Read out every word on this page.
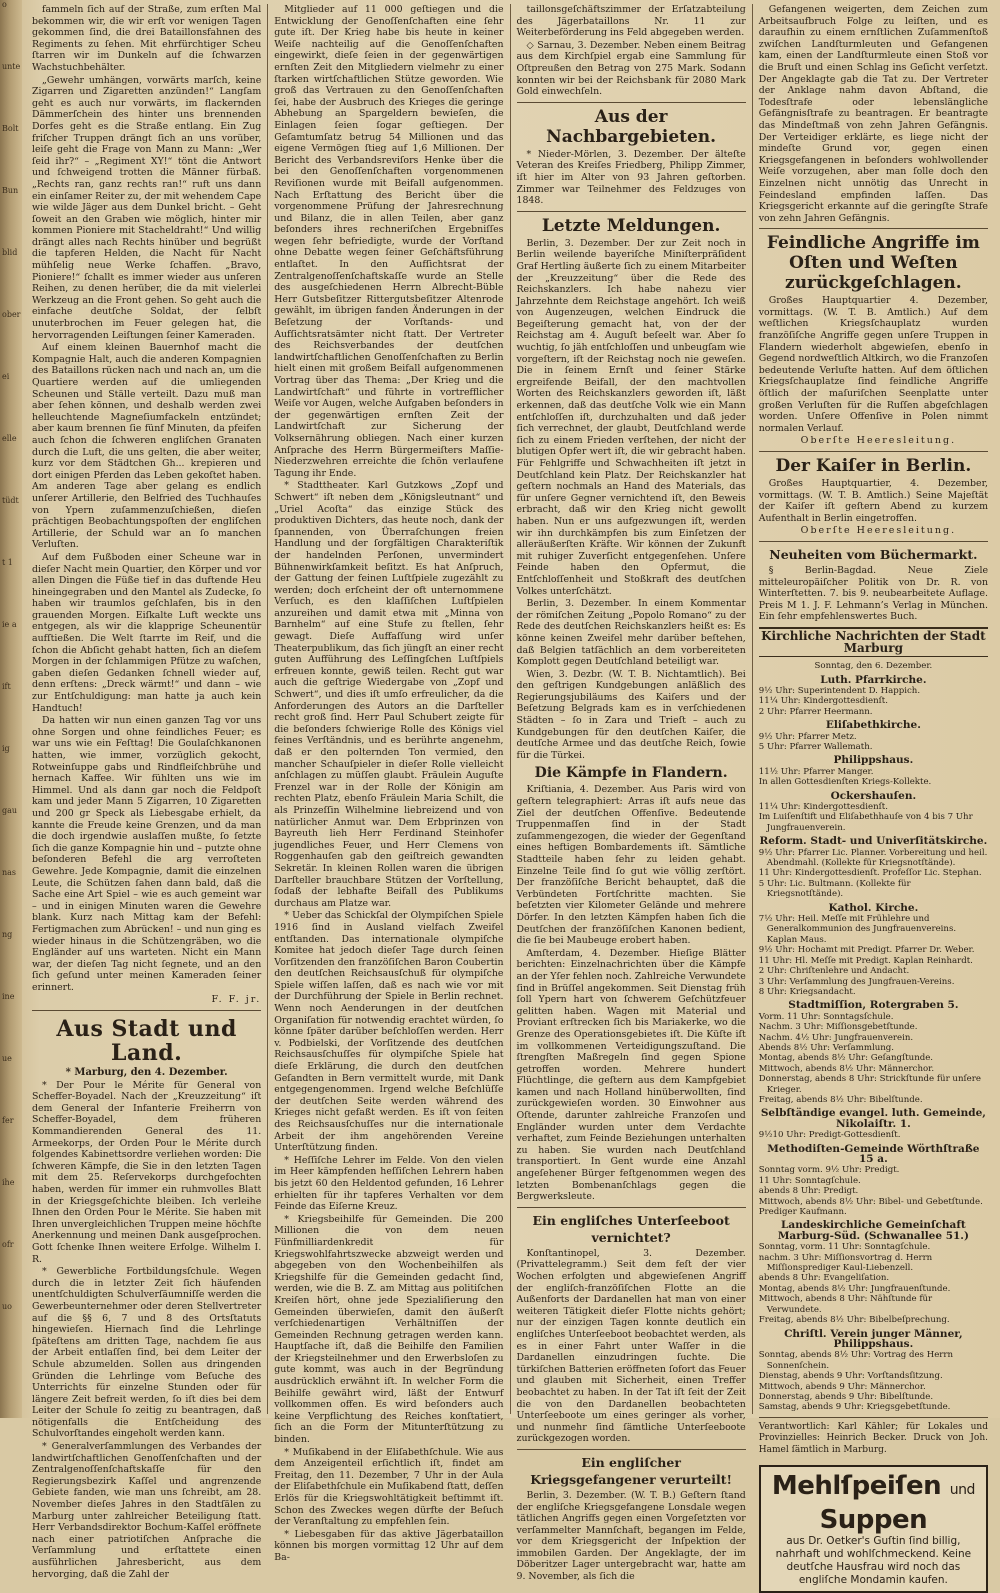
o
unte
Bolt
Bun
blid
ober
ei
elle
tüdt
t 1
ie a
ift
ig
gau
nas
ng
ine
ue
fer
ihe
ofr
uo

fammeln ſich auf der Straße, zum erſten Mal bekommen wir, die wir erſt vor wenigen Tagen gekommen ſind, die drei Bataillonsfahnen des Regiments zu ſehen. Mit ehrfürchtiger Scheu ſtarren wir im Dunkeln auf die ſchwarzen Wachstuchbehälter.

„Gewehr umhängen, vorwärts marſch, keine Zigarren und Zigaretten anzünden!“ Langſam geht es auch nur vorwärts, im flackernden Dämmerſchein des hinter uns brennenden Dorfes geht es die Straße entlang. Ein Zug friſcher Truppen drängt ſich an uns vorüber, leiſe geht die Frage von Mann zu Mann: „Wer ſeid ihr?“ – „Regiment XY!“ tönt die Antwort und ſchweigend trotten die Männer fürbaß. „Rechts ran, ganz rechts ran!“ ruft uns dann ein einſamer Reiter zu, der mit wehendem Cape wie wilde Jäger aus dem Dunkel bricht. – Geht ſoweit an den Graben wie möglich, hinter mir kommen Pioniere mit Stacheldraht!“ Und willig drängt alles nach Rechts hinüber und begrüßt die tapferen Helden, die Nacht für Nacht mühſelig neue Werke ſchaffen. „Bravo, Pioniere!“ ſchallt es immer wieder aus unſeren Reihen, zu denen herüber, die da mit vielerlei Werkzeug an die Front gehen. So geht auch die einfache deutſche Soldat, der ſelbſt unuterbrochen im Feuer gelegen hat, die hervorragenden Leiſtungen ſeiner Kameraden.

Auf einem kleinen Bauernhof macht die Kompagnie Halt, auch die anderen Kompagnien des Bataillons rücken nach und nach an, um die Quartiere werden auf die umliegenden Scheunen und Ställe verteilt. Dazu muß man aber ſehen können, und deshalb werden zwei helleuchtende Magneſiumfackeln entzündet; aber kaum brennen ſie fünf Minuten, da pfeifen auch ſchon die ſchweren engliſchen Granaten durch die Luft, die uns gelten, die aber weiter, kurz vor dem Städtchen Gh... krepieren und dort einigen Pferden das Leben gekoſtet haben. Am anderen Tage aber gelang es endlich unſerer Artillerie, den Belfried des Tuchhauſes von Ypern zuſammenzuſchießen, dieſen prächtigen Beobachtungspoſten der engliſchen Artillerie, der Schuld war an ſo manchen Verluſten.

Auf dem Fußboden einer Scheune war in dieſer Nacht mein Quartier, den Körper und vor allen Dingen die Füße tief in das duftende Heu hineingegraben und den Mantel als Zudecke, ſo haben wir traumlos geſchlafen, bis in den grauenden Morgen. Eiſkalte Luft weckte uns entgegen, als wir die klapprige Scheunentür aufſtießen. Die Welt ſtarrte im Reif, und die ſchon die Abſicht gehabt hatten, ſich an dieſem Morgen in der ſchlammigen Pfütze zu waſchen, gaben dieſen Gedanken ſchnell wieder auf, denn erſtens: „Dreck wärmt!“ und dann – wie zur Entſchuldigung: man hatte ja auch kein Handtuch!

Da hatten wir nun einen ganzen Tag vor uns ohne Sorgen und ohne feindliches Feuer; es war uns wie ein Feſttag! Die Goulaſchkanonen hatten, wie immer, vorzüglich gekocht, Rotweinſuppe gabs und Rindfleiſchbrühe und hernach Kaffee. Wir fühlten uns wie im Himmel. Und als dann gar noch die Feldpoſt kam und jeder Mann 5 Zigarren, 10 Zigaretten und 200 gr Speck als Liebesgabe erhielt, da kannte die Freude keine Grenzen, und da man die doch irgendwie auslaſſen mußte, ſo ſetzte ſich die ganze Kompagnie hin und – putzte ohne beſonderen Befehl die arg verroſteten Gewehre. Jede Kompagnie, damit die einzelnen Leute, die Schützen ſahen dann bald, daß die Sache eine Art Spiel – wie es auch gemeint war – und in einigen Minuten waren die Gewehre blank. Kurz nach Mittag kam der Befehl: Fertigmachen zum Abrücken! – und nun ging es wieder hinaus in die Schützengräben, wo die Engländer auf uns warteten. Nicht ein Mann war, der dieſen Tag nicht ſegnete, und an den ſich geſund unter meinen Kameraden ſeiner erinnert.

F. F. jr.

Aus Stadt und Land.

* Marburg, den 4. Dezember.

* Der Pour le Mérite für General von Scheffer-Boyadel. Nach der „Kreuzzeitung“ iſt dem General der Infanterie Freiherrn von Scheffer-Boyadel, dem früheren Kommandierenden General des 11. Armeekorps, der Orden Pour le Mérite durch folgendes Kabinettsordre verliehen worden: Die ſchweren Kämpfe, die Sie in den letzten Tagen mit dem 25. Reſervekorps durchgefochten haben, werden für immer ein ruhmvolles Blatt in der Kriegsgeſchichte bleiben. Ich verleihe Ihnen den Orden Pour le Mérite. Sie haben mit Ihren unvergleichlichen Truppen meine höchſte Anerkennung und meinen Dank ausgeſprochen. Gott ſchenke Ihnen weitere Erfolge. Wilhelm I. R.

* Gewerbliche Fortbildungsſchule. Wegen durch die in letzter Zeit ſich häufenden unentſchuldigten Schulverſäumniſſe werden die Gewerbeunternehmer oder deren Stellvertreter auf die §§ 6, 7 und 8 des Ortsſtatuts hingewieſen. Hiernach ſind die Lehrlinge ſpäteſtens am dritten Tage, nachdem ſie aus der Arbeit entlaſſen ſind, bei dem Leiter der Schule abzumelden. Sollen aus dringenden Gründen die Lehrlinge vom Beſuche des Unterrichts für einzelne Stunden oder für längere Zeit befreit werden, ſo iſt dies bei dem Leiter der Schule ſo zeitig zu beantragen, daß nötigenfalls die Entſcheidung des Schulvorſtandes eingeholt werden kann.

* Generalverſammlungen des Verbandes der landwirtſchaftlichen Genoſſenſchaften und der Zentralgenoſſenſchaftskaſſe für den Regierungsbezirk Kaſſel und angrenzende Gebiete fanden, wie man uns ſchreibt, am 28. November dieſes Jahres in den Stadtſälen zu Marburg unter zahlreicher Beteiligung ſtatt. Herr Verbandsdirektor Bochum-Kaſſel eröffnete nach einer patriotiſchen Anſprache die Verſammlung und erſtattete einen ausführlichen Jahresbericht, aus dem hervorging, daß die Zahl der

Mitglieder auf 11 000 geſtiegen und die Entwicklung der Genoſſenſchaften eine ſehr gute iſt. Der Krieg habe bis heute in keiner Weiſe nachteilig auf die Genoſſenſchaften eingewirkt, dieſe ſeien in der gegenwärtigen ernſten Zeit den Mitgliedern vielmehr zu einer ſtarken wirtſchaftlichen Stütze geworden. Wie groß das Vertrauen zu den Genoſſenſchaften ſei, habe der Ausbruch des Krieges die geringe Abhebung an Spargeldern bewieſen, die Einlagen ſeien ſogar geſtiegen. Der Geſamtumſatz betrug 54 Millionen und das eigene Vermögen ſtieg auf 1,6 Millionen. Der Bericht des Verbandsreviſors Henke über die bei den Genoſſenſchaften vorgenommenen Reviſionen wurde mit Beifall aufgenommen. Nach Erſtattung des Bericht über die vorgenommene Prüfung der Jahresrechnung und Bilanz, die in allen Teilen, aber ganz beſonders ihres rechneriſchen Ergebniſſes wegen ſehr befriedigte, wurde der Vorſtand ohne Debatte wegen ſeiner Geſchäftsführung entlaſtet. In den Aufſichtsrat der Zentralgenoſſenſchaftskaſſe wurde an Stelle des ausgeſchiedenen Herrn Albrecht-Büble Herr Gutsbeſitzer Rittergutsbeſitzer Altenrode gewählt, im übrigen fanden Änderungen in der Beſetzung der Vorſtands- und Aufſichtsratsämter nicht ſtatt. Der Vertreter des Reichsverbandes der deutſchen landwirtſchaftlichen Genoſſenſchaften zu Berlin hielt einen mit großem Beifall aufgenommenen Vortrag über das Thema: „Der Krieg und die Landwirtſchaft“ und führte in vortrefflicher Weiſe vor Augen, welche Aufgaben beſonders in der gegenwärtigen ernſten Zeit der Landwirtſchaft zur Sicherung der Volksernährung obliegen. Nach einer kurzen Anſprache des Herrn Bürgermeiſters Maſſie-Niederzwehren erreichte die ſchön verlaufene Tagung ihr Ende.

* Stadttheater. Karl Gutzkows „Zopf und Schwert“ iſt neben dem „Königsleutnant“ und „Uriel Acoſta“ das einzige Stück des produktiven Dichters, das heute noch, dank der ſpannenden, von Überraſchungen freien Handlung und der ſorgfältigen Charakteriſtik der handelnden Perſonen, unvermindert Bühnenwirkſamkeit beſitzt. Es hat Anſpruch, der Gattung der feinen Luſtſpiele zugezählt zu werden; doch erſcheint der oft unternommene Verſuch, es den klaſſiſchen Luſtſpielen anzureihen und damit etwa mit „Minna von Barnhelm“ auf eine Stufe zu ſtellen, ſehr gewagt. Dieſe Auffaſſung wird unſer Theaterpublikum, das ſich jüngſt an einer recht guten Aufführung des Leſſingſchen Luſtſpiels erfreuen konnte, gewiß teilen. Recht gut war auch die geſtrige Wiedergabe von „Zopf und Schwert“, und dies iſt umſo erfreulicher, da die Anforderungen des Autors an die Darſteller recht groß ſind. Herr Paul Schubert zeigte für die beſonders ſchwierige Rolle des Königs viel feines Verſtändnis, und es berührte angenehm, daß er den polternden Ton vermied, den mancher Schauſpieler in dieſer Rolle vielleicht anſchlagen zu müſſen glaubt. Fräulein Auguſte Frenzel war in der Rolle der Königin am rechten Platz, ebenſo Fräulein Maria Schilt, die als Prinzeſſin Wilhelmine liebreizend und von natürlicher Anmut war. Dem Erbprinzen von Bayreuth lieh Herr Ferdinand Steinhofer jugendliches Feuer, und Herr Clemens von Roggenhauſen gab den geiſtreich gewandten Sekretär. In kleinen Rollen waren die übrigen Darſteller brauchbare Stützen der Vorſtellung, ſodaß der lebhafte Beifall des Publikums durchaus am Platze war.

* Ueber das Schickſal der Olympiſchen Spiele 1916 ſind in Ausland vielfach Zweifel entſtanden. Das internationale olympiſche Komitee hat jedoch dieſer Tage durch ſeinen Vorſitzenden den franzöſiſchen Baron Coubertin den deutſchen Reichsausſchuß für olympiſche Spiele wiſſen laſſen, daß es nach wie vor mit der Durchführung der Spiele in Berlin rechnet. Wenn noch Aenderungen in der deutſchen Organiſation für notwendig erachtet würden, ſo könne ſpäter darüber beſchloſſen werden. Herr v. Podbielski, der Vorſitzende des deutſchen Reichsausſchuſſes für olympiſche Spiele hat dieſe Erklärung, die durch den deutſchen Geſandten in Bern vermittelt wurde, mit Dank entgegengenommen. Irgend welche Beſchlüſſe der deutſchen Seite werden während des Krieges nicht gefaßt werden. Es iſt von ſeiten des Reichsausſchuſſes nur die internationale Arbeit der ihm angehörenden Vereine Unterſtützung finden.

* Heſſiſche Lehrer im Felde. Von den vielen im Heer kämpfenden heſſiſchen Lehrern haben bis jetzt 60 den Heldentod gefunden, 16 Lehrer erhielten für ihr tapferes Verhalten vor dem Feinde das Eiſerne Kreuz.

* Kriegsbeihilfe für Gemeinden. Die 200 Millionen die von dem neuen Fünfmilliardenkredit für Kriegswohlfahrtszwecke abzweigt werden und abgegeben von den Wochenbeihilfen als Kriegshilfe für die Gemeinden gedacht ſind, werden, wie die B. Z. am Mittag aus politiſchen Kreiſen hört, ohne jede Spezialiſierung den Gemeinden überwieſen, damit den äußerſt verſchiedenartigen Verhältniſſen der Gemeinden Rechnung getragen werden kann. Hauptſache iſt, daß die Beihilfe den Familien der Kriegsteilnehmer und den Erwerbsloſen zu gute kommt, was auch in der Begründung ausdrücklich erwähnt iſt. In welcher Form die Beihilfe gewährt wird, läßt der Entwurf vollkommen offen. Es wird beſonders auch keine Verpflichtung des Reiches konſtatiert, ſich an die Form der Mitunterſtützung zu binden.

* Muſikabend in der Eliſabethſchule. Wie aus dem Anzeigenteil erſichtlich iſt, findet am Freitag, den 11. Dezember, 7 Uhr in der Aula der Eliſabethſchule ein Muſikabend ſtatt, deſſen Erlös für die Kriegswohltätigkeit beſtimmt iſt. Schon des Zweckes wegen dürfte der Beſuch der Veranſtaltung zu empfehlen ſein.

* Liebesgaben für das aktive Jägerbataillon können bis morgen vormittag 12 Uhr auf dem Ba-

taillonsgeſchäftszimmer der Erſatzabteilung des Jägerbataillons Nr. 11 zur Weiterbeförderung ins Feld abgegeben werden.

◇ Sarnau, 3. Dezember. Neben einem Beitrag aus dem Kirchſpiel ergab eine Sammlung für Oſtpreußen den Betrag von 275 Mark. Sodann konnten wir bei der Reichsbank für 2080 Mark Gold einwechſeln.

Aus der Nachbargebieten.

* Nieder-Mörlen, 3. Dezember. Der älteſte Veteran des Kreiſes Friedberg, Philipp Zimmer, iſt hier im Alter von 93 Jahren geſtorben. Zimmer war Teilnehmer des Feldzuges von 1848.

Letzte Meldungen.

Berlin, 3. Dezember. Der zur Zeit noch in Berlin weilende bayeriſche Miniſterpräſident Graf Hertling äußerte ſich zu einem Mitarbeiter der „Kreuzzeitung“ über die Rede des Reichskanzlers. Ich habe nahezu vier Jahrzehnte dem Reichstage angehört. Ich weiß von Augenzeugen, welchen Eindruck die Begeiſterung gemacht hat, von der der Reichstag am 4. Auguſt beſeelt war. Aber ſo wuchtig, ſo jäh entſchloſſen und unbeugſam wie vorgeſtern, iſt der Reichstag noch nie geweſen. Die in ſeinem Ernſt und ſeiner Stärke ergreifende Beifall, der den machtvollen Worten des Reichskanzlers geworden iſt, läßt erkennen, daß das deutſche Volk wie ein Mann entſchloſſen iſt, durchzuhalten und daß jeder ſich verrechnet, der glaubt, Deutſchland werde ſich zu einem Frieden verſtehen, der nicht der blutigen Opfer wert iſt, die wir gebracht haben. Für Fehlgriffe und Schwachheiten iſt jetzt in Deutſchland kein Platz. Der Reichskanzler hat geſtern nochmals an Hand des Materials, das für unſere Gegner vernichtend iſt, den Beweis erbracht, daß wir den Krieg nicht gewollt haben. Nun er uns aufgezwungen iſt, werden wir ihn durchkämpfen bis zum Einſetzen der alleräußerſten Kräfte. Wir können der Zukunft mit ruhiger Zuverſicht entgegenſehen. Unſere Feinde haben den Opfermut, die Entſchloſſenheit und Stoßkraft des deutſchen Volkes unterſchätzt.

Berlin, 3. Dezember. In einem Kommentar der römiſchen Zeitung „Popolo Romano“ zu der Rede des deutſchen Reichskanzlers heißt es: Es könne keinen Zweifel mehr darüber beſtehen, daß Belgien tatſächlich an dem vorbereiteten Komplott gegen Deutſchland beteiligt war.

Wien, 3. Dezbr. (W. T. B. Nichtamtlich). Bei den geſtrigen Kundgebungen anläßlich des Regierungsjubiläums des Kaiſers und der Beſetzung Belgrads kam es in verſchiedenen Städten – ſo in Zara und Trieſt – auch zu Kundgebungen für den deutſchen Kaiſer, die deutſche Armee und das deutſche Reich, ſowie für die Türkei.

Die Kämpfe in Flandern.

Kriſtiania, 4. Dezember. Aus Paris wird von geſtern telegraphiert: Arras iſt aufs neue das Ziel der deutſchen Offenſive. Bedeutende Truppenmaſſen ſind in der Stadt zuſammengezogen, die wieder der Gegenſtand eines heftigen Bombardements iſt. Sämtliche Stadtteile haben ſehr zu leiden gehabt. Einzelne Teile ſind ſo gut wie völlig zerſtört. Der franzöſiſche Bericht behauptet, daß die Verbündeten Fortſchritte machten. Sie beſetzten vier Kilometer Gelände und mehrere Dörfer. In den letzten Kämpfen haben ſich die Deutſchen der franzöſiſchen Kanonen bedient, die ſie bei Maubeuge erobert haben.

Amſterdam, 4. Dezember. Hieſige Blätter berichten: Einzelnachrichten über die Kämpfe an der Yſer fehlen noch. Zahlreiche Verwundete ſind in Brüſſel angekommen. Seit Dienstag früh ſoll Ypern hart von ſchwerem Geſchützfeuer gelitten haben. Wagen mit Material und Proviant erſtrecken ſich bis Mariakerke, wo die Grenze des Operationsgebietes iſt. Die Küſte iſt im vollkommenen Verteidigungszuſtand. Die ſtrengſten Maßregeln ſind gegen Spione getroffen worden. Mehrere hundert Flüchtlinge, die geſtern aus dem Kampfgebiet kamen und nach Holland hinüberwollten, ſind zurückgewieſen worden. 30 Einwohner aus Oſtende, darunter zahlreiche Franzoſen und Engländer wurden unter dem Verdachte verhaftet, zum Feinde Beziehungen unterhalten zu haben. Sie wurden nach Deutſchland transportiert. In Gent wurde eine Anzahl angeſehener Bürger feſtgenommen wegen des letzten Bombenanſchlags gegen die Bergwerksleute.

Ein engliſches Unterſeeboot vernichtet?

Konſtantinopel, 3. Dezember. (Privattelegramm.) Seit dem feſt der vier Wochen erfolgten und abgewieſenen Angriff der engliſch-franzöſiſchen Flotte an die Außenforts der Dardanellen hat man von einer weiteren Tätigkeit dieſer Flotte nichts gehört; nur der einzigen Tagen konnte deutlich ein engliſches Unterſeeboot beobachtet werden, als es in einer Fahrt unter Waſſer in die Dardanellen einzudringen ſuchte. Die türkiſchen Batterien eröffneten ſofort das Feuer und glauben mit Sicherheit, einen Treffer beobachtet zu haben. In der Tat iſt ſeit der Zeit die von den Dardanellen beobachteten Unterſeeboote um eines geringer als vorher, und nunmehr ſind ſämtliche Unterſeeboote zurückgezogen worden.

Ein engliſcher Kriegsgefangener verurteilt!

Berlin, 3. Dezember. (W. T. B.) Geſtern ſtand der engliſche Kriegsgefangene Lonsdale wegen tätlichen Angriffs gegen einen Vorgeſetzten vor verſammelter Mannſchaft, begangen im Felde, vor dem Kriegsgericht der Inſpektion der immobilen Garden. Der Angeklagte, der im Döberitzer Lager untergebracht war, hatte am 9. November, als ſich die

Gefangenen weigerten, dem Zeichen zum Arbeitsaufbruch Folge zu leiſten, und es daraufhin zu einem ernſtlichen Zuſammenſtoß zwiſchen Landſturmleuten und Gefangenen kam, einen der Landſturmleute einen Stoß vor die Bruſt und einen Schlag ins Geſicht verſetzt. Der Angeklagte gab die Tat zu. Der Vertreter der Anklage nahm davon Abſtand, die Todesſtrafe oder lebenslängliche Gefängnisſtrafe zu beantragen. Er beantragte das Mindeſtmaß von zehn Jahren Gefängnis. Der Verteidiger erklärte, es liege nicht der mindeſte Grund vor, gegen einen Kriegsgefangenen in beſonders wohlwollender Weiſe vorzugehen, aber man ſolle doch den Einzelnen nicht unnötig das Unrecht in Feindesland empfinden laſſen. Das Kriegsgericht erkannte auf die geringſte Strafe von zehn Jahren Gefängnis.

Feindliche Angriffe im Oſten und Weſten zurückgeſchlagen.

Großes Hauptquartier 4. Dezember, vormittags. (W. T. B. Amtlich.) Auf dem weſtlichen Kriegsſchauplatz wurden franzöſiſche Angriffe gegen unſere Truppen in Flandern wiederholt abgewieſen, ebenſo in Gegend nordweſtlich Altkirch, wo die Franzoſen bedeutende Verluſte hatten. Auf dem öſtlichen Kriegsſchauplatze ſind feindliche Angriffe öſtlich der maſuriſchen Seenplatte unter großen Verluſten für die Ruſſen abgeſchlagen worden. Unſere Offenſive in Polen nimmt normalen Verlauf.

Oberſte Heeresleitung.

Der Kaiſer in Berlin.

Großes Hauptquartier, 4. Dezember, vormittags. (W. T. B. Amtlich.) Seine Majeſtät der Kaiſer iſt geſtern Abend zu kurzem Aufenthalt in Berlin eingetroffen.

Oberſte Heeresleitung.

Neuheiten vom Büchermarkt.

§ Berlin-Bagdad. Neue Ziele mitteleuropäiſcher Politik von Dr. R. von Winterſtetten. 7. bis 9. neubearbeitete Auflage. Preis M 1. J. F. Lehmann’s Verlag in München. Ein ſehr empfehlenswertes Buch.

Kirchliche Nachrichten der Stadt Marburg
Sonntag, den 6. Dezember.
Luth. Pfarrkirche.
9½ Uhr: Superintendent D. Happich.
11¼ Uhr: Kindergottesdienſt.
2 Uhr: Pfarrer Heermann.
Eliſabethkirche.
9½ Uhr: Pfarrer Metz.
5 Uhr: Pfarrer Wallemath.
Philippshaus.
11½ Uhr: Pfarrer Manger.
In allen Gottesdienſten Kriegs-Kollekte.
Ockershauſen.
11¼ Uhr: Kindergottesdienſt.
Im Luiſenſtift und Eliſabethhauſe von 4 bis 7 Uhr Jungfrauenverein.
Reform. Stadt- und Univerſitätskirche.
9½ Uhr: Pfarrer Lic. Planner. Vorbereitung und heil. Abendmahl. (Kollekte für Kriegsnotſtände).
11 Uhr: Kindergottesdienſt. Profeſſor Lic. Stephan.
5 Uhr: Lic. Bultmann. (Kollekte für Kriegsnotſtände).
Kathol. Kirche.
7½ Uhr: Heil. Meſſe mit Frühlehre und Generalkommunion des Jungfrauenvereins. Kaplan Maus.
9½ Uhr: Hochamt mit Predigt. Pfarrer Dr. Weber.
11 Uhr: Hl. Meſſe mit Predigt. Kaplan Reinhardt.
2 Uhr: Chriſtenlehre und Andacht.
3 Uhr: Verſammlung des Jungfrauen-Vereins.
8 Uhr: Kriegsandacht.
Stadtmiſſion, Rotergraben 5.
Vorm. 11 Uhr: Sonntagsſchule.
Nachm. 3 Uhr: Miſſionsgebetſtunde.
Nachm. 4½ Uhr: Jungfrauenverein.
Abends 8½ Uhr: Verſammlung.
Montag, abends 8½ Uhr: Geſangſtunde.
Mittwoch, abends 8½ Uhr: Männerchor.
Donnerstag, abends 8 Uhr: Strickſtunde für unſere Krieger.
Freitag, abends 8½ Uhr: Bibelſtunde.
Selbſtändige evangel. luth. Gemeinde, Nikolaiſtr. 1.
9½10 Uhr: Predigt-Gottesdienſt.
Methodiſten-Gemeinde Wörthſtraße 15 a.
Sonntag vorm. 9½ Uhr: Predigt.
11 Uhr: Sonntagſchule.
abends 8 Uhr: Predigt.
Mittwoch, abends 8½ Uhr: Bibel- und Gebetſtunde.
Prediger Kaufmann.
Landeskirchliche Gemeinſchaft Marburg-Süd. (Schwanallee 51.)
Sonntag, vorm. 11 Uhr: Sonntagſchule.
nachm. 3 Uhr: Miſſionsvortrag d. Herrn Miſſionsprediger Kaul-Liebenzell.
abends 8 Uhr: Evangeliſation.
Montag, abends 8½ Uhr: Jungfrauenſtunde.
Mittwoch, abends 8 Uhr: Nähſtunde für Verwundete.
Freitag, abends 8½ Uhr: Bibelbeſprechung.
Chriſtl. Verein junger Männer, Philippshaus.
Sonntag, abends 8½ Uhr: Vortrag des Herrn Sonnenſchein.
Dienstag, abends 9 Uhr: Vorſtandsſitzung.
Mittwoch, abends 9 Uhr: Männerchor.
Donnerstag, abends 9 Uhr: Bibelſtunde.
Samstag, abends 9 Uhr: Kriegsgebetſtunde.

Verantwortlich: Karl Kähler; für Lokales und Provinzielles: Heinrich Becker. Druck von Joh. Hamel ſämtlich in Marburg.

Mehlſpeiſen und Suppen
aus Dr. Oetker's Guſtin ſind billig, nahrhaft und wohlſchmeckend. Keine deutſche Hausfrau wird noch das engliſche Mondamin kaufen.
